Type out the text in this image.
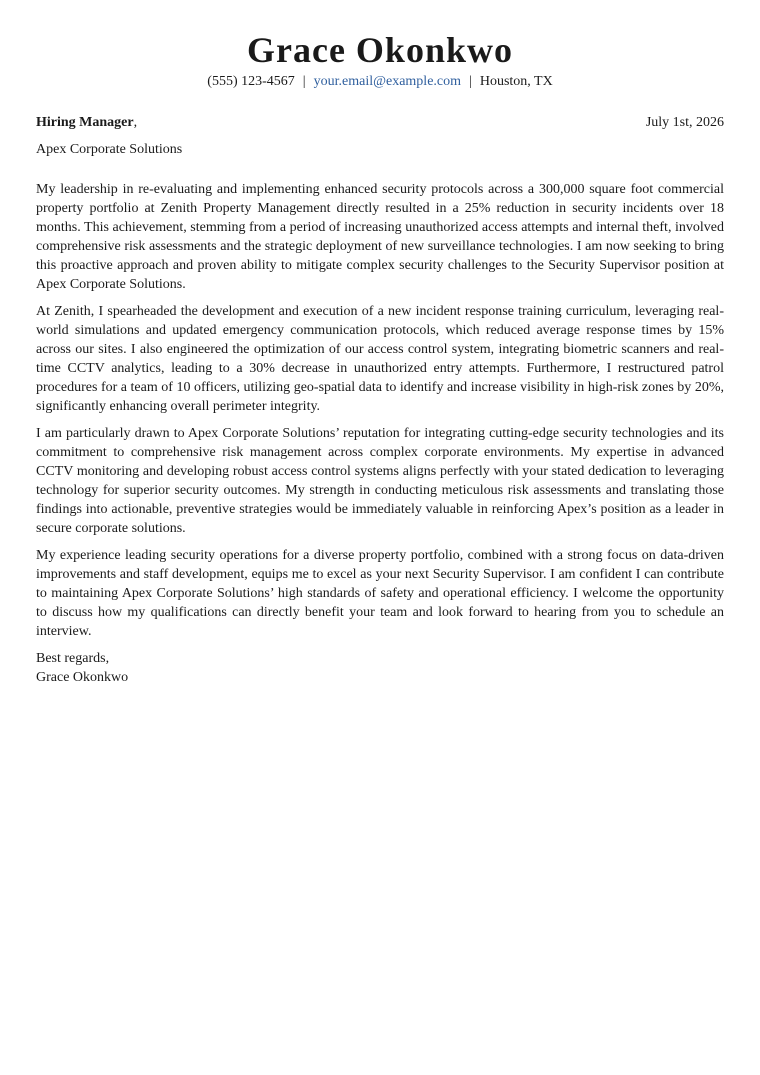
Grace Okonkwo
(555) 123-4567 | your.email@example.com | Houston, TX
Hiring Manager,	July 1st, 2026
Apex Corporate Solutions

My leadership in re-evaluating and implementing enhanced security protocols across a 300,000 square foot commercial property portfolio at Zenith Property Management directly resulted in a 25% reduction in security incidents over 18 months. This achievement, stemming from a period of increasing unauthorized access attempts and internal theft, involved comprehensive risk assessments and the strategic deployment of new surveillance technologies. I am now seeking to bring this proactive approach and proven ability to mitigate complex security challenges to the Security Supervisor position at Apex Corporate Solutions.

At Zenith, I spearheaded the development and execution of a new incident response training curriculum, leveraging real-world simulations and updated emergency communication protocols, which reduced average response times by 15% across our sites. I also engineered the optimization of our access control system, integrating biometric scanners and real-time CCTV analytics, leading to a 30% decrease in unauthorized entry attempts. Furthermore, I restructured patrol procedures for a team of 10 officers, utilizing geo-spatial data to identify and increase visibility in high-risk zones by 20%, significantly enhancing overall perimeter integrity.

I am particularly drawn to Apex Corporate Solutions’ reputation for integrating cutting-edge security technologies and its commitment to comprehensive risk management across complex corporate environments. My expertise in advanced CCTV monitoring and developing robust access control systems aligns perfectly with your stated dedication to leveraging technology for superior security outcomes. My strength in conducting meticulous risk assessments and translating those findings into actionable, preventive strategies would be immediately valuable in reinforcing Apex’s position as a leader in secure corporate solutions.

My experience leading security operations for a diverse property portfolio, combined with a strong focus on data-driven improvements and staff development, equips me to excel as your next Security Supervisor. I am confident I can contribute to maintaining Apex Corporate Solutions’ high standards of safety and operational efficiency. I welcome the opportunity to discuss how my qualifications can directly benefit your team and look forward to hearing from you to schedule an interview.

Best regards,
Grace Okonkwo
